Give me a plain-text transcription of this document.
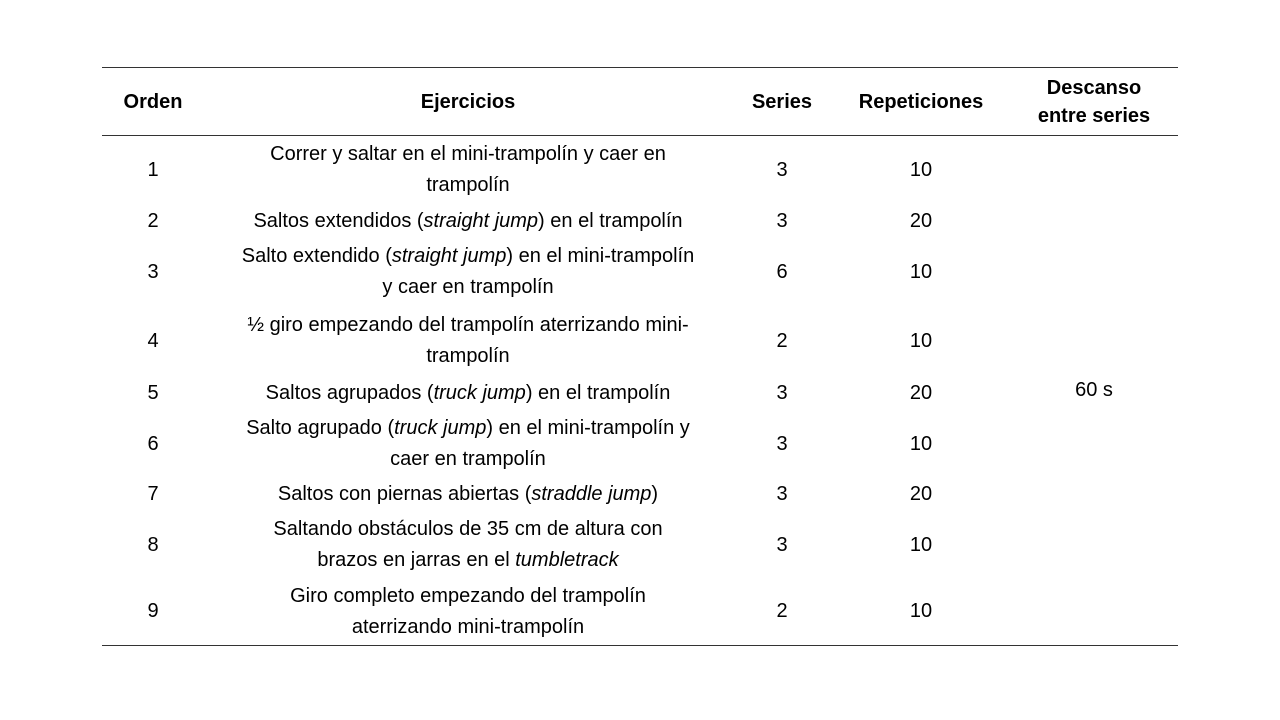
Orden	Ejercicios	Series	Repeticiones	Descanso
entre series

1	Correr y saltar en el mini-trampolín y caer en
trampolín	3	10	60 s
2	Saltos extendidos (straight jump) en el trampolín	3	20	
3	Salto extendido (straight jump) en el mini-trampolín
y caer en trampolín	6	10	
4	½ giro empezando del trampolín aterrizando mini-
trampolín	2	10	
5	Saltos agrupados (truck jump) en el trampolín	3	20	
6	Salto agrupado (truck jump) en el mini-trampolín y
caer en trampolín	3	10	
7	Saltos con piernas abiertas (straddle jump)	3	20	
8	Saltando obstáculos de 35 cm de altura con
brazos en jarras en el tumbletrack	3	10	
9	Giro completo empezando del trampolín
aterrizando mini-trampolín	2	10	
